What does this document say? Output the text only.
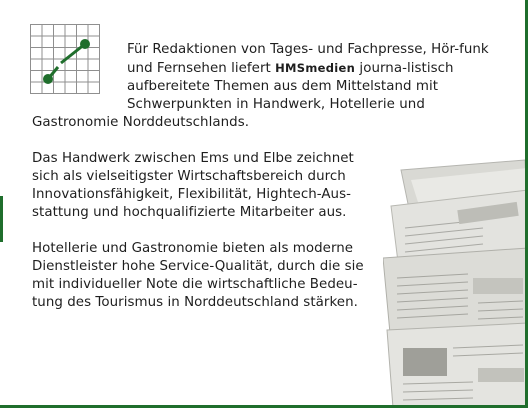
Für Redaktionen von Tages- und Fachpresse, Hör-funk und Fernsehen liefert HMSmedien journa-listisch aufbereitete Themen aus dem Mittelstand mit Schwerpunkten in Handwerk, Hotellerie und Gastronomie Norddeutschlands.

Das Handwerk zwischen Ems und Elbe zeichnet sich als vielseitigster Wirtschaftsbereich durch Innovationsfähigkeit, Flexibilität, Hightech-Aus-stattung und hochqualifizierte Mitarbeiter aus.

Hotellerie und Gastronomie bieten als moderne Dienstleister hohe Service-Qualität, durch die sie mit individueller Note die wirtschaftliche Bedeu-tung des Tourismus in Norddeutschland stärken.
